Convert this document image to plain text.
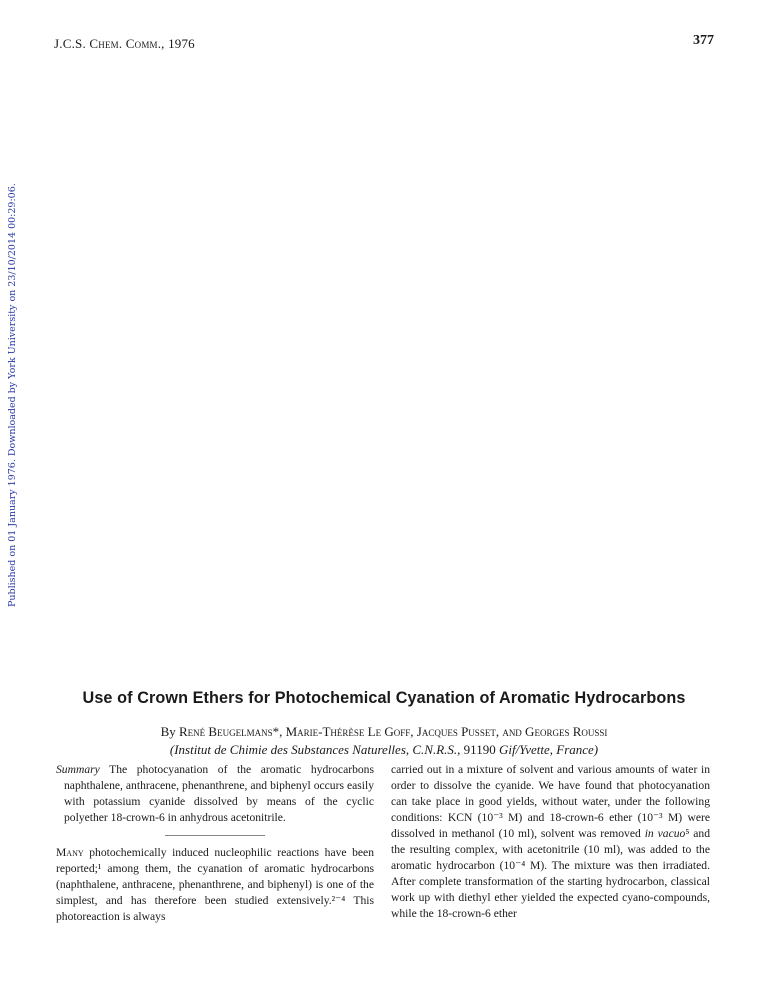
J.C.S. Chem. Comm., 1976	377
Published on 01 January 1976. Downloaded by York University on 23/10/2014 00:29:06.
Use of Crown Ethers for Photochemical Cyanation of Aromatic Hydrocarbons
By René Beugelmans*, Marie-Thérèse Le Goff, Jacques Pusset, and Georges Roussi
(Institut de Chimie des Substances Naturelles, C.N.R.S., 91190 Gif/Yvette, France)

Summary The photocyanation of the aromatic hydrocarbons naphthalene, anthracene, phenanthrene, and biphenyl occurs easily with potassium cyanide dissolved by means of the cyclic polyether 18-crown-6 in anhydrous acetonitrile.

Many photochemically induced nucleophilic reactions have been reported;¹ among them, the cyanation of aromatic hydrocarbons (naphthalene, anthracene, phenanthrene, and biphenyl) is one of the simplest, and has therefore been studied extensively.²⁻⁴ This photoreaction is always

carried out in a mixture of solvent and various amounts of water in order to dissolve the cyanide. We have found that photocyanation can take place in good yields, without water, under the following conditions: KCN (10⁻³ M) and 18-crown-6 ether (10⁻³ M) were dissolved in methanol (10 ml), solvent was removed in vacuo⁵ and the resulting complex, with acetonitrile (10 ml), was added to the aromatic hydrocarbon (10⁻⁴ M). The mixture was then irradiated. After complete transformation of the starting hydrocarbon, classical work up with diethyl ether yielded the expected cyano-compounds, while the 18-crown-6 ether
